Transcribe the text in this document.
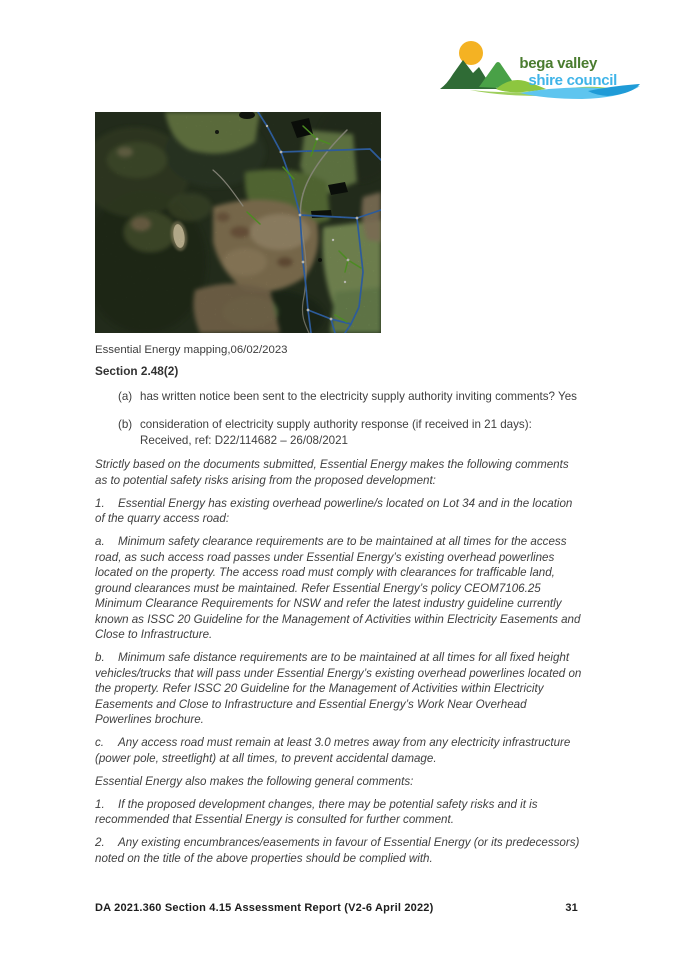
bega valley
shire council
Essential Energy mapping,06/02/2023

Section 2.48(2)

(a) has written notice been sent to the electricity supply authority inviting comments? Yes
(b) consideration of electricity supply authority response (if received in 21 days): Received, ref: D22/114682 – 26/08/2021

Strictly based on the documents submitted, Essential Energy makes the following comments as to potential safety risks arising from the proposed development:

1. Essential Energy has existing overhead powerline/s located on Lot 34 and in the location of the quarry access road:

a. Minimum safety clearance requirements are to be maintained at all times for the access road, as such access road passes under Essential Energy’s existing overhead powerlines located on the property. The access road must comply with clearances for trafficable land, ground clearances must be maintained. Refer Essential Energy’s policy CEOM7106.25 Minimum Clearance Requirements for NSW and refer the latest industry guideline currently known as ISSC 20 Guideline for the Management of Activities within Electricity Easements and Close to Infrastructure.

b. Minimum safe distance requirements are to be maintained at all times for all fixed height vehicles/trucks that will pass under Essential Energy’s existing overhead powerlines located on the property. Refer ISSC 20 Guideline for the Management of Activities within Electricity Easements and Close to Infrastructure and Essential Energy’s Work Near Overhead Powerlines brochure.

c. Any access road must remain at least 3.0 metres away from any electricity infrastructure (power pole, streetlight) at all times, to prevent accidental damage.

Essential Energy also makes the following general comments:

1. If the proposed development changes, there may be potential safety risks and it is recommended that Essential Energy is consulted for further comment.

2. Any existing encumbrances/easements in favour of Essential Energy (or its predecessors) noted on the title of the above properties should be complied with.

DA 2021.360 Section 4.15 Assessment Report (V2-6 April 2022)	31
